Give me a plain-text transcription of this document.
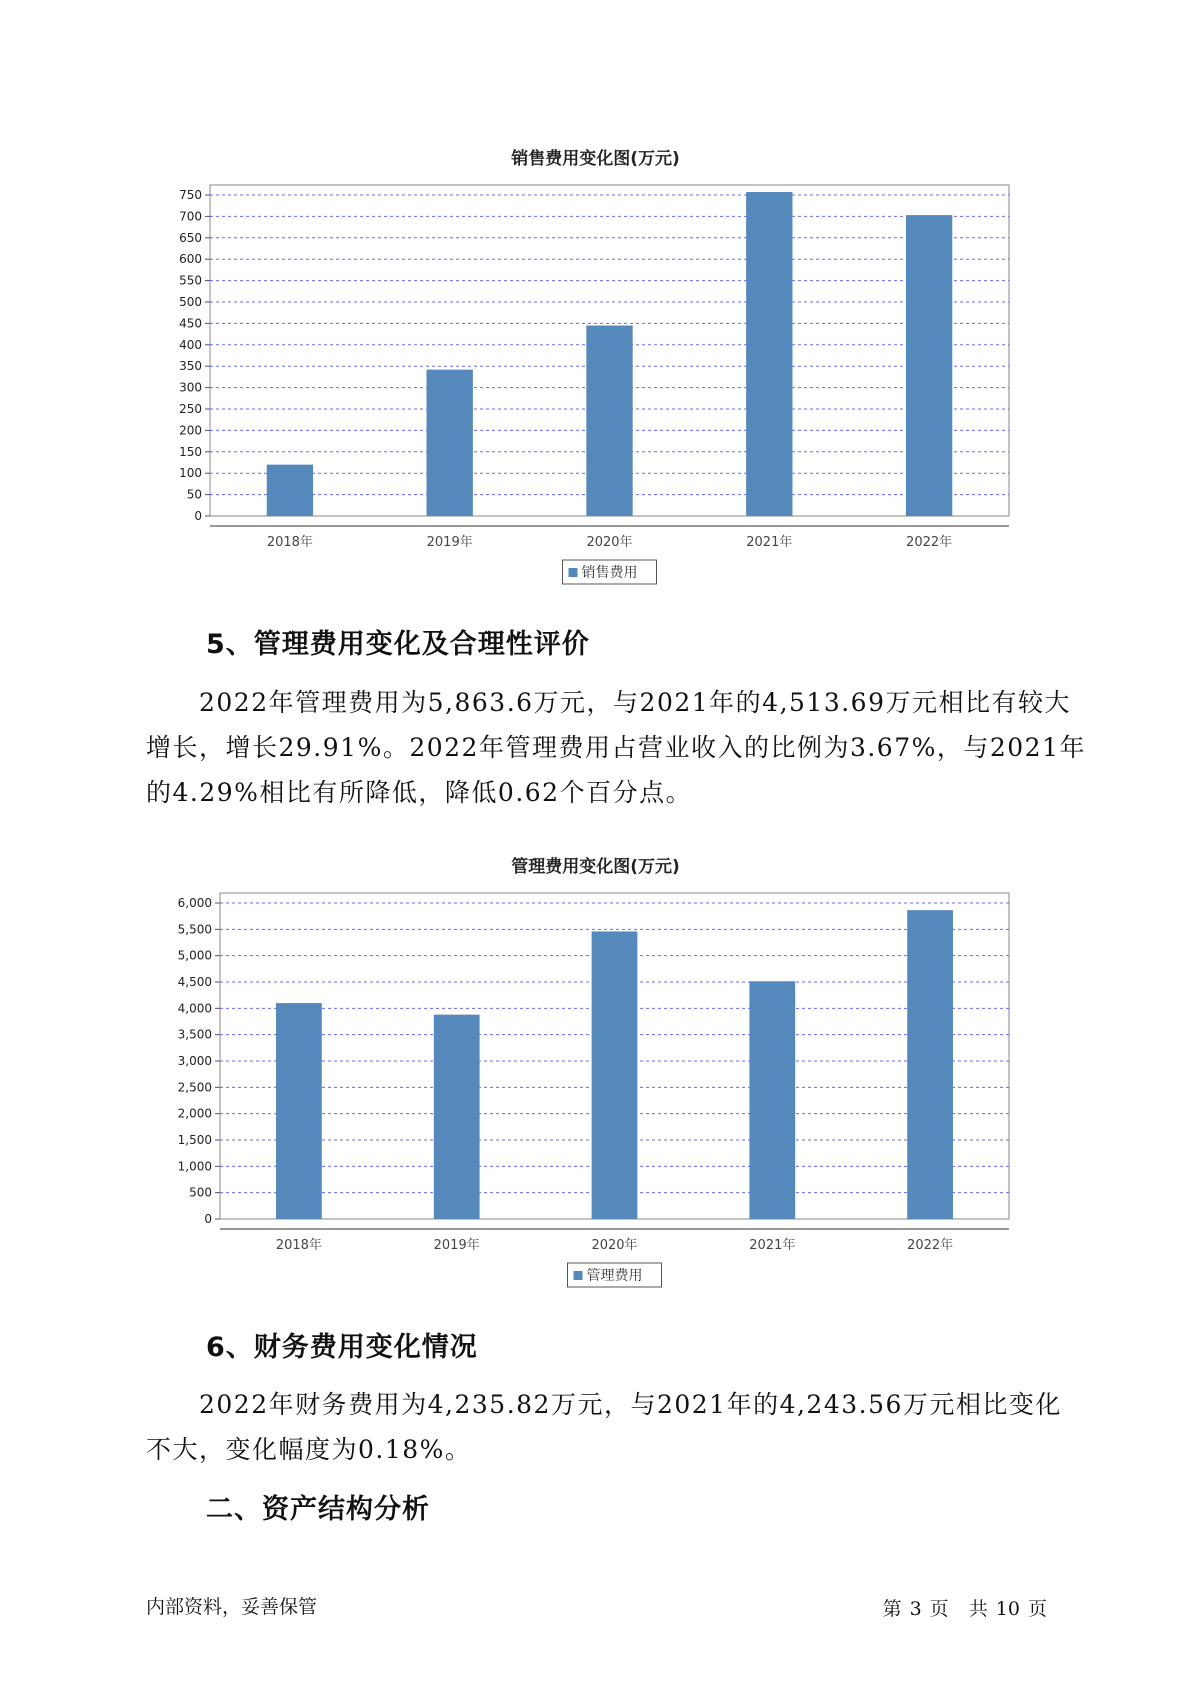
销售费用变化图(万元)
0
50
100
150
200
250
300
350
400
450
500
550
600
650
700
750
2018年	2019年	2020年	2021年	2022年
销售费用
5、管理费用变化及合理性评价
　　2022年管理费用为5,863.6万元，与2021年的4,513.69万元相比有较大
增长，增长29.91%。2022年管理费用占营业收入的比例为3.67%，与2021年
的4.29%相比有所降低，降低0.62个百分点。
管理费用变化图(万元)
0
500
1,000
1,500
2,000
2,500
3,000
3,500
4,000
4,500
5,000
5,500
6,000
2018年	2019年	2020年	2021年	2022年
管理费用
6、财务费用变化情况
　　2022年财务费用为4,235.82万元，与2021年的4,243.56万元相比变化
不大，变化幅度为0.18%。
二、资产结构分析
内部资料，妥善保管	第 3 页 共 10 页
